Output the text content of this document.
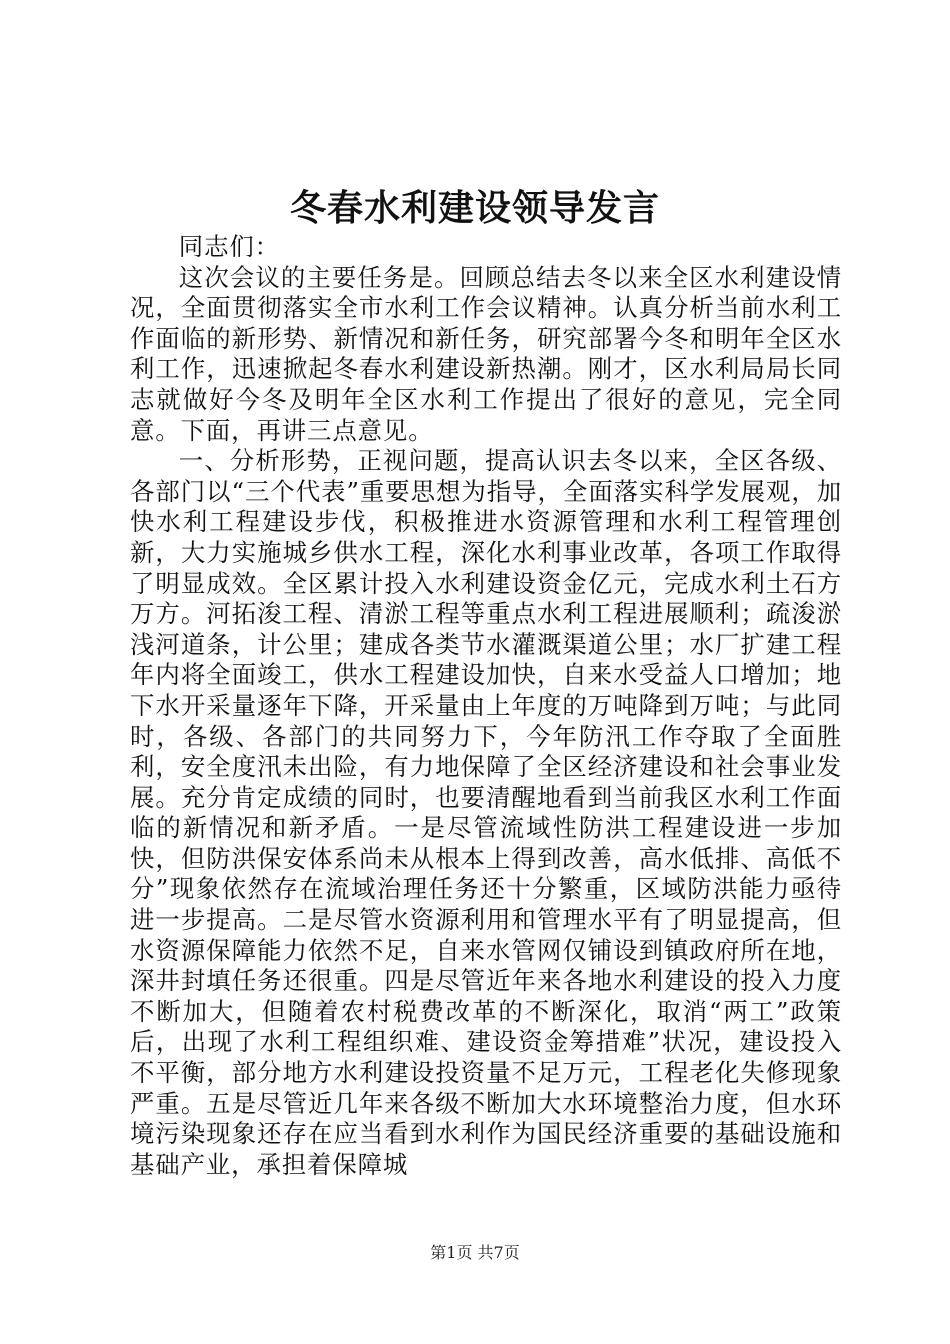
冬春水利建设领导发言

同志们：

这次会议的主要任务是。回顾总结去冬以来全区水利建设情况，全面贯彻落实全市水利工作会议精神。认真分析当前水利工作面临的新形势、新情况和新任务，研究部署今冬和明年全区水利工作，迅速掀起冬春水利建设新热潮。刚才，区水利局局长同志就做好今冬及明年全区水利工作提出了很好的意见，完全同意。下面，再讲三点意见。

一、分析形势，正视问题，提高认识去冬以来，全区各级、各部门以“三个代表”重要思想为指导，全面落实科学发展观，加快水利工程建设步伐，积极推进水资源管理和水利工程管理创新，大力实施城乡供水工程，深化水利事业改革，各项工作取得了明显成效。全区累计投入水利建设资金亿元，完成水利土石方万方。河拓浚工程、清淤工程等重点水利工程进展顺利；疏浚淤浅河道条，计公里；建成各类节水灌溉渠道公里；水厂扩建工程年内将全面竣工，供水工程建设加快，自来水受益人口增加；地下水开采量逐年下降，开采量由上年度的万吨降到万吨；与此同时，各级、各部门的共同努力下，今年防汛工作夺取了全面胜利，安全度汛未出险，有力地保障了全区经济建设和社会事业发展。充分肯定成绩的同时，也要清醒地看到当前我区水利工作面临的新情况和新矛盾。一是尽管流域性防洪工程建设进一步加快，但防洪保安体系尚未从根本上得到改善，高水低排、高低不分”现象依然存在流域治理任务还十分繁重，区域防洪能力亟待进一步提高。二是尽管水资源利用和管理水平有了明显提高，但水资源保障能力依然不足，自来水管网仅铺设到镇政府所在地，深井封填任务还很重。四是尽管近年来各地水利建设的投入力度不断加大，但随着农村税费改革的不断深化，取消“两工”政策后，出现了水利工程组织难、建设资金筹措难”状况，建设投入不平衡，部分地方水利建设投资量不足万元，工程老化失修现象严重。五是尽管近几年来各级不断加大水环境整治力度，但水环境污染现象还存在应当看到水利作为国民经济重要的基础设施和基础产业，承担着保障城

第1页 共7页
